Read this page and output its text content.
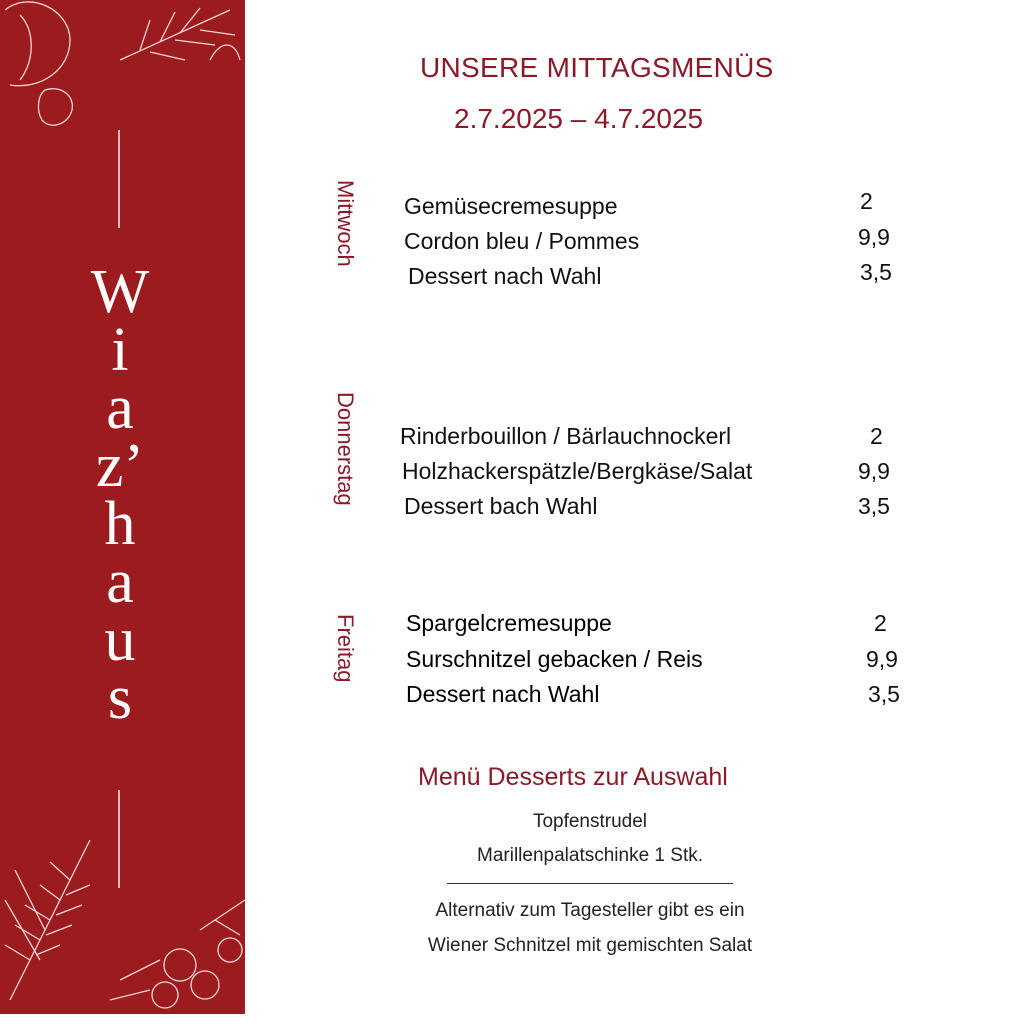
W
i
a
z’
h
a
u
s
UNSERE MITTAGSMENÜS
2.7.2025 – 4.7.2025
Mittwoch Gemüsecremesuppe
Cordon bleu / Pommes
Dessert nach Wahl
2
9,9
3,5
Donnerstag Rinderbouillon / Bärlauchnockerl
Holzhackerspätzle/Bergkäse/Salat
Dessert bach Wahl
2
9,9
3,5
Freitag Spargelcremesuppe
Surschnitzel gebacken / Reis
Dessert nach Wahl
2
9,9
3,5
Menü Desserts zur Auswahl
Topfenstrudel
Marillenpalatschinke 1 Stk.
Alternativ zum Tagesteller gibt es ein
Wiener Schnitzel mit gemischten Salat
